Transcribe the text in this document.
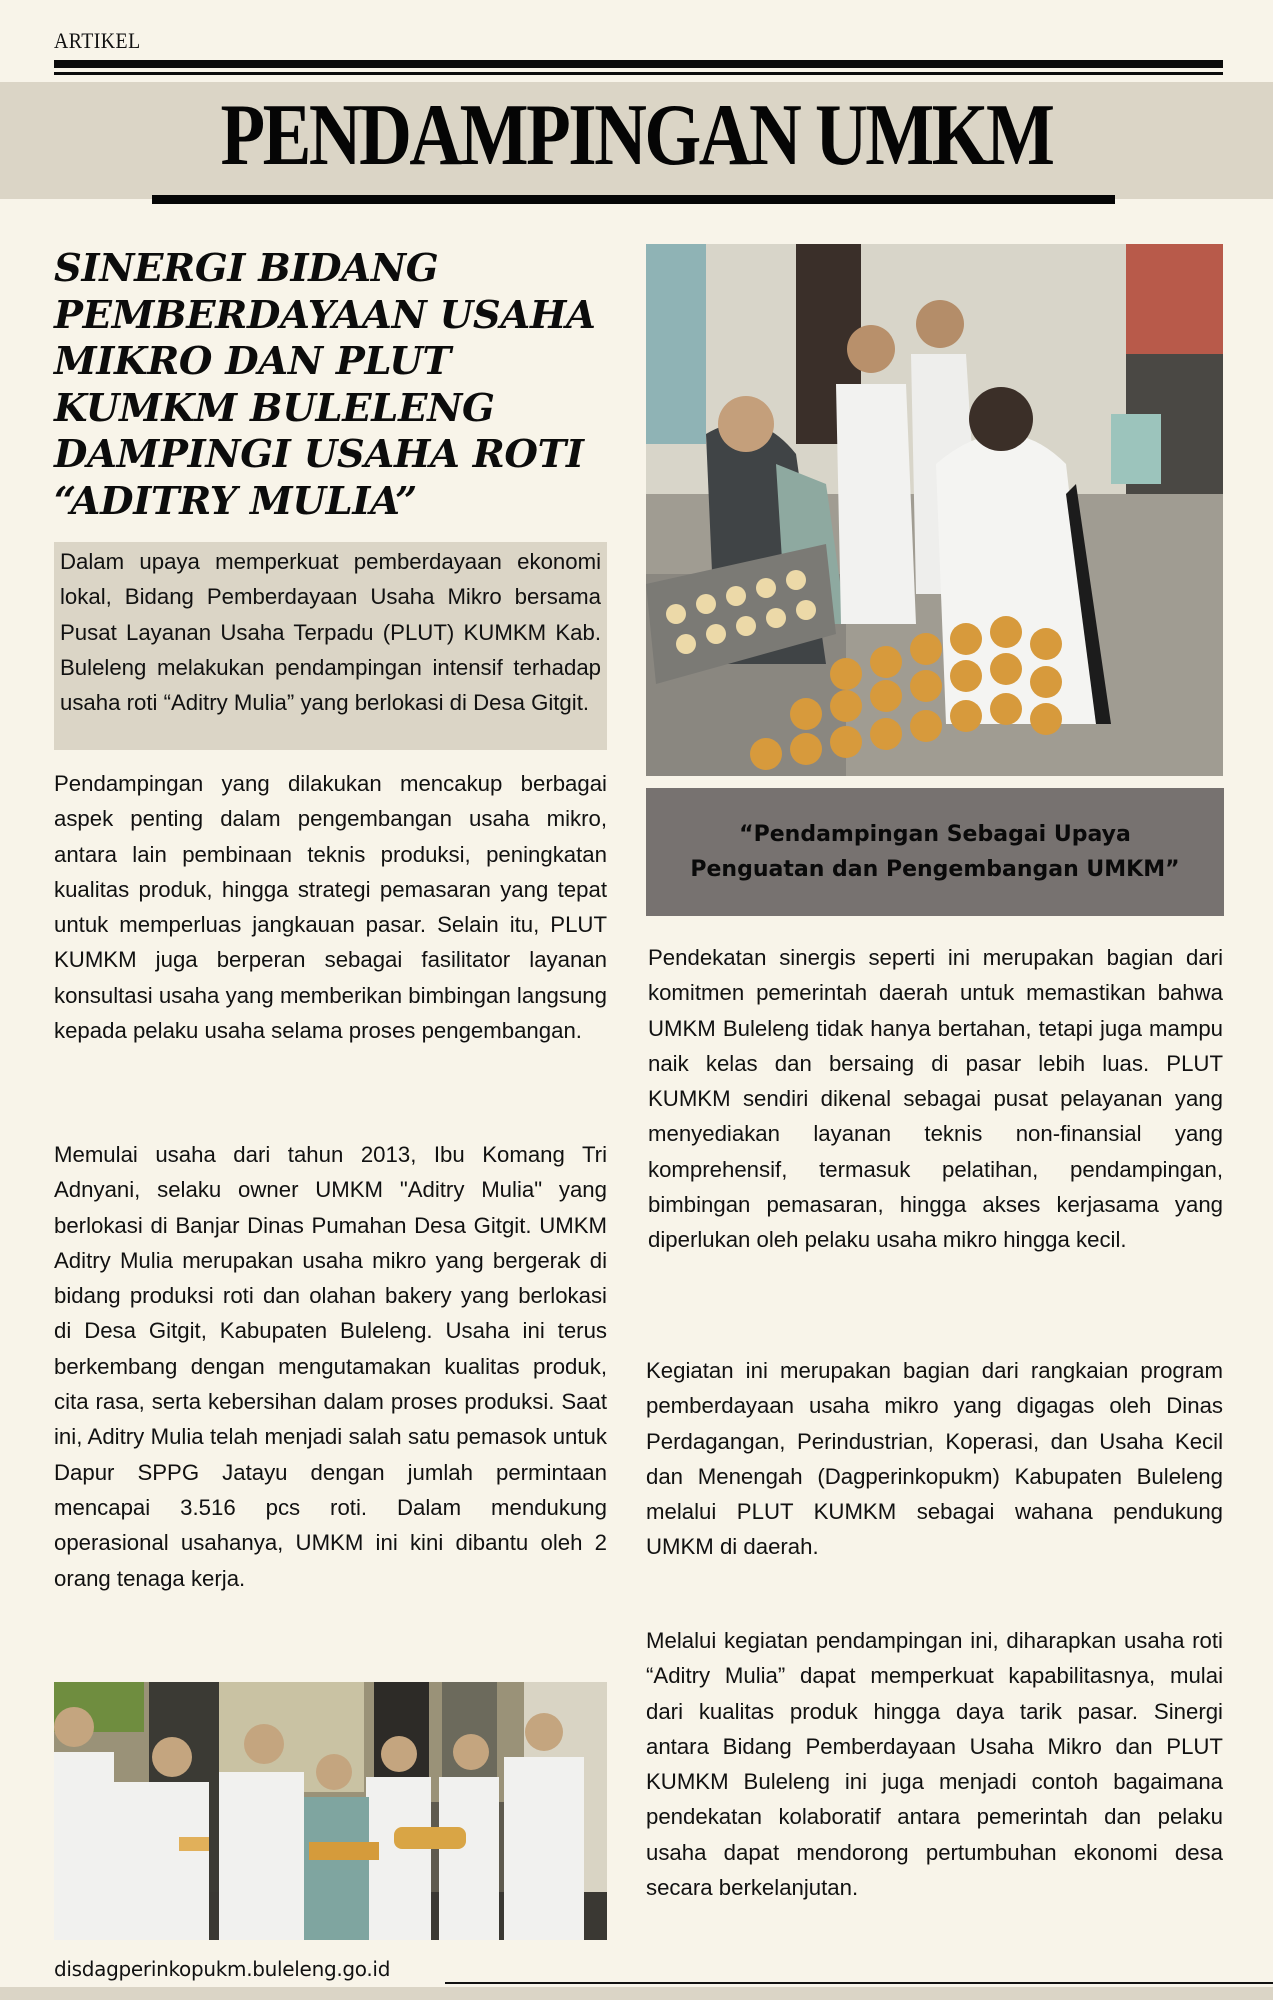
ARTIKEL
PENDAMPINGAN UMKM
SINERGI BIDANG
PEMBERDAYAAN USAHA
MIKRO DAN PLUT
KUMKM BULELENG
DAMPINGI USAHA ROTI
“ADITRY MULIA”

Dalam upaya memperkuat pemberdayaan ekonomi lokal, Bidang Pemberdayaan Usaha Mikro bersama Pusat Layanan Usaha Terpadu (PLUT) KUMKM Kab. Buleleng melakukan pendampingan intensif terhadap usaha roti “Aditry Mulia” yang berlokasi di Desa Gitgit.

Pendampingan yang dilakukan mencakup berbagai aspek penting dalam pengembangan usaha mikro, antara lain pembinaan teknis produksi, peningkatan kualitas produk, hingga strategi pemasaran yang tepat untuk memperluas jangkauan pasar. Selain itu, PLUT KUMKM juga berperan sebagai fasilitator layanan konsultasi usaha yang memberikan bimbingan langsung kepada pelaku usaha selama proses pengembangan.

Memulai usaha dari tahun 2013, Ibu Komang Tri Adnyani, selaku owner UMKM "Aditry Mulia" yang berlokasi di Banjar Dinas Pumahan Desa Gitgit. UMKM Aditry Mulia merupakan usaha mikro yang bergerak di bidang produksi roti dan olahan bakery yang berlokasi di Desa Gitgit, Kabupaten Buleleng. Usaha ini terus berkembang dengan mengutamakan kualitas produk, cita rasa, serta kebersihan dalam proses produksi. Saat ini, Aditry Mulia telah menjadi salah satu pemasok untuk Dapur SPPG Jatayu dengan jumlah permintaan mencapai 3.516 pcs roti. Dalam mendukung operasional usahanya, UMKM ini kini dibantu oleh 2 orang tenaga kerja.

“Pendampingan Sebagai Upaya Penguatan dan Pengembangan UMKM”

Pendekatan sinergis seperti ini merupakan bagian dari komitmen pemerintah daerah untuk memastikan bahwa UMKM Buleleng tidak hanya bertahan, tetapi juga mampu naik kelas dan bersaing di pasar lebih luas. PLUT KUMKM sendiri dikenal sebagai pusat pelayanan yang menyediakan layanan teknis non-finansial yang komprehensif, termasuk pelatihan, pendampingan, bimbingan pemasaran, hingga akses kerjasama yang diperlukan oleh pelaku usaha mikro hingga kecil.

Kegiatan ini merupakan bagian dari rangkaian program pemberdayaan usaha mikro yang digagas oleh Dinas Perdagangan, Perindustrian, Koperasi, dan Usaha Kecil dan Menengah (Dagperinkopukm) Kabupaten Buleleng melalui PLUT KUMKM sebagai wahana pendukung UMKM di daerah.

Melalui kegiatan pendampingan ini, diharapkan usaha roti “Aditry Mulia” dapat memperkuat kapabilitasnya, mulai dari kualitas produk hingga daya tarik pasar. Sinergi antara Bidang Pemberdayaan Usaha Mikro dan PLUT KUMKM Buleleng ini juga menjadi contoh bagaimana pendekatan kolaboratif antara pemerintah dan pelaku usaha dapat mendorong pertumbuhan ekonomi desa secara berkelanjutan.

disdagperinkopukm.buleleng.go.id
